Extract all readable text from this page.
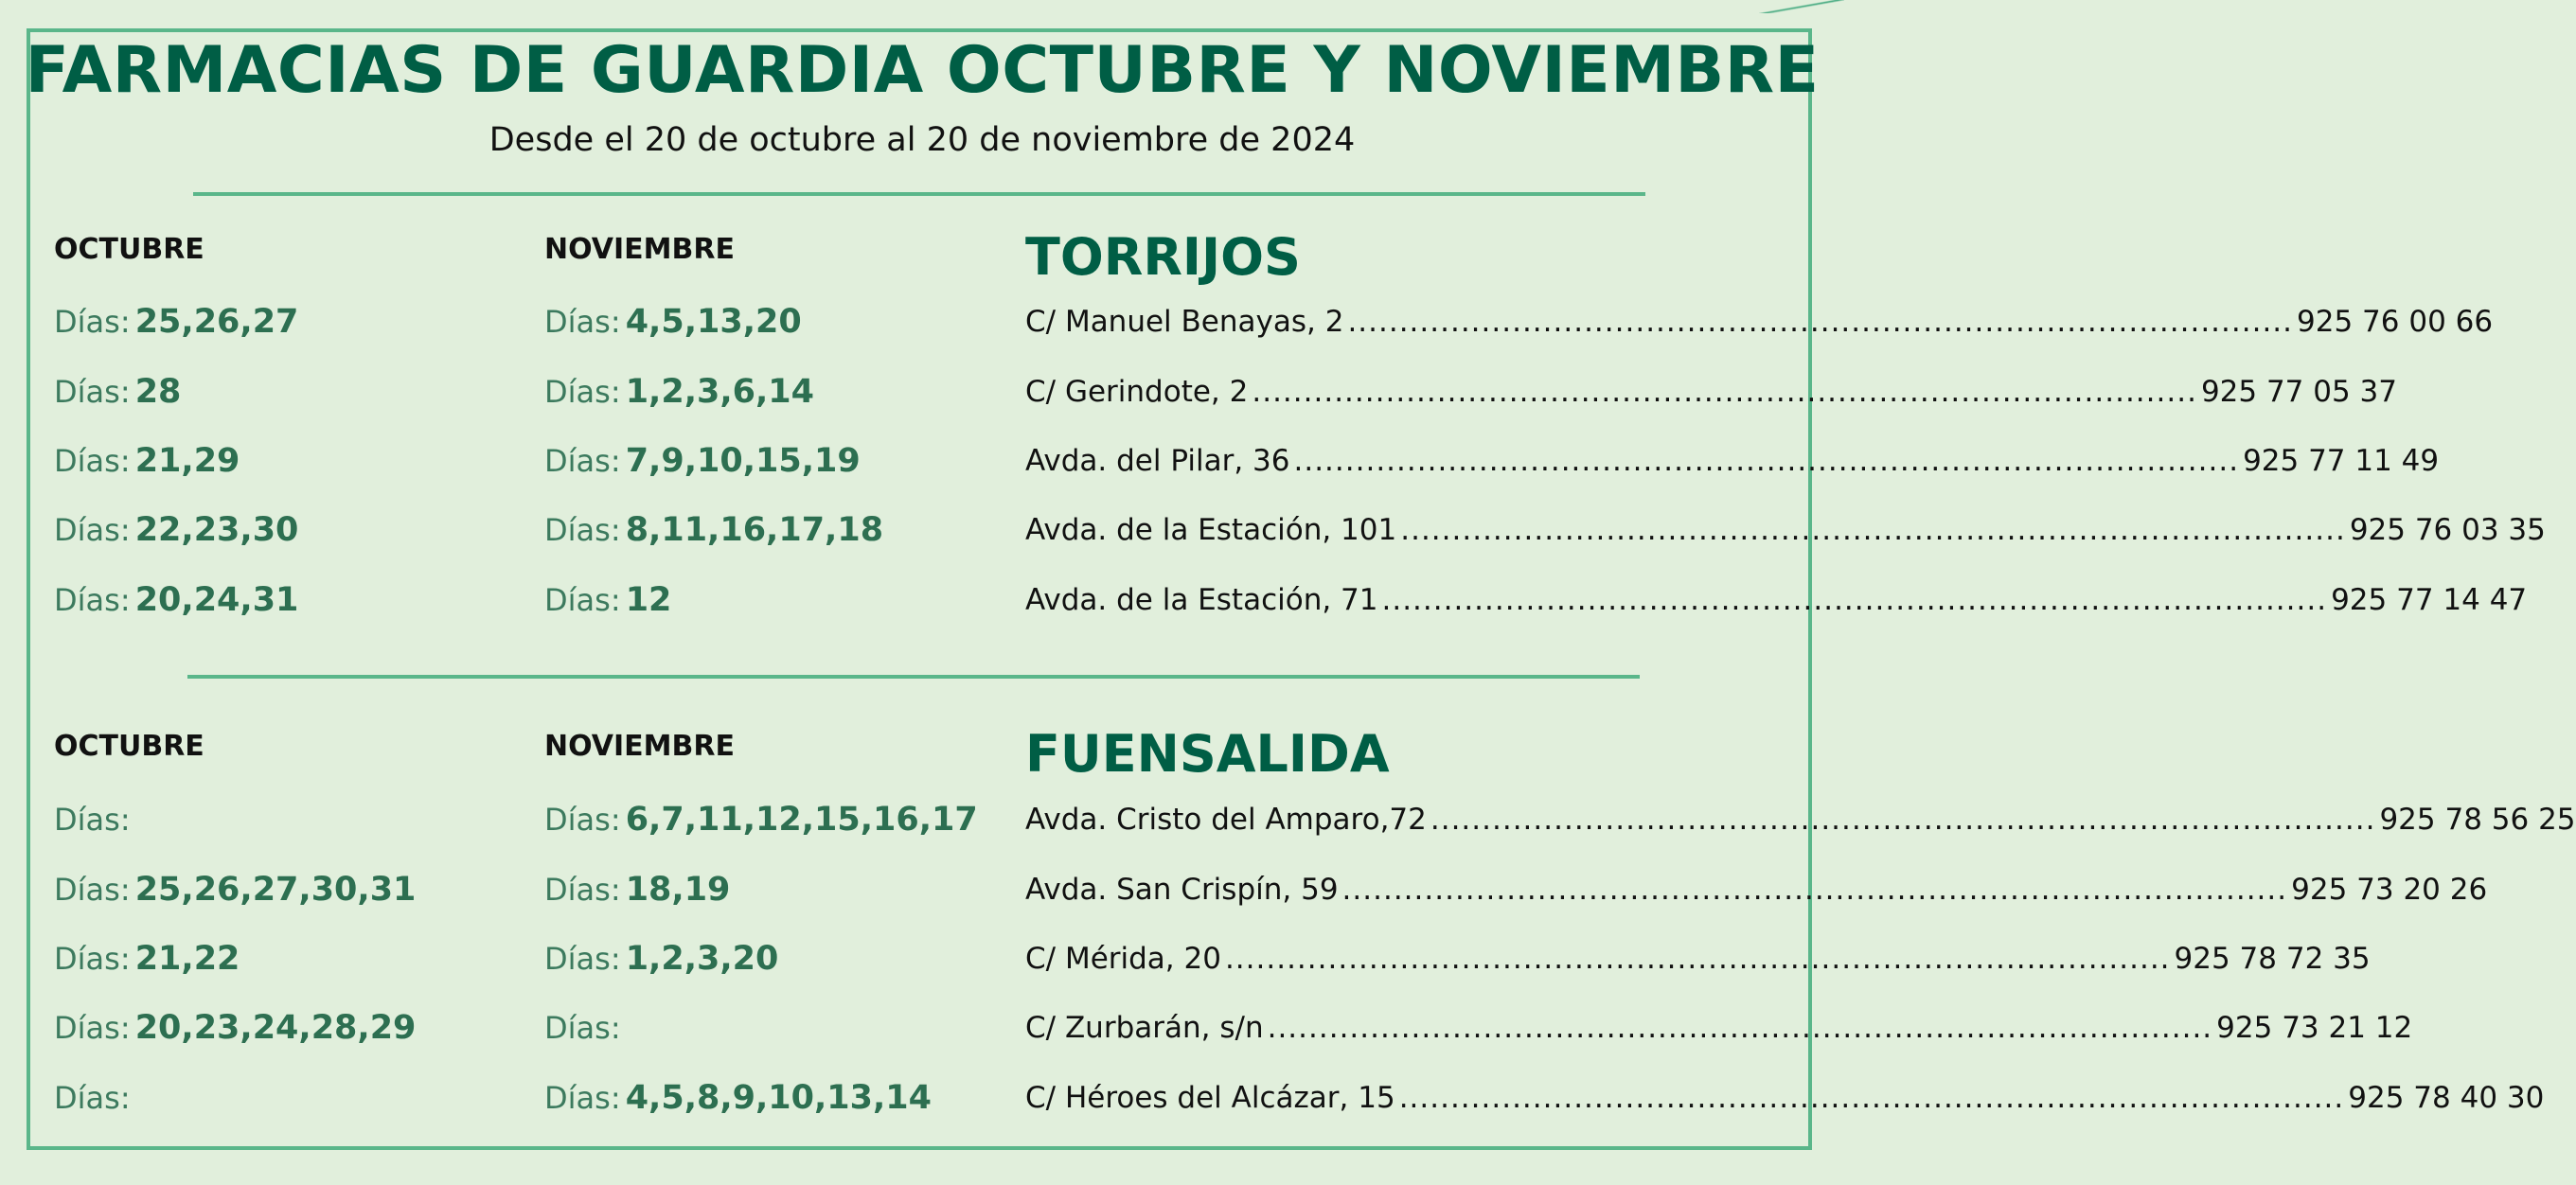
FARMACIAS DE GUARDIA OCTUBRE Y NOVIEMBRE
Desde el 20 de octubre al 20 de noviembre de 2024
OCTUBRE	NOVIEMBRE	TORRIJOS
Días: 25,26,27	Días: 4,5,13,20	C/ Manuel Benayas, 2 ............................................................................................ 925 76 00 66
Días: 28	Días: 1,2,3,6,14	C/ Gerindote, 2 ............................................................................................ 925 77 05 37
Días: 21,29	Días: 7,9,10,15,19	Avda. del Pilar, 36 ............................................................................................ 925 77 11 49
Días: 22,23,30	Días: 8,11,16,17,18	Avda. de la Estación, 101 ............................................................................................ 925 76 03 35
Días: 20,24,31	Días: 12	Avda. de la Estación, 71 ............................................................................................ 925 77 14 47
OCTUBRE	NOVIEMBRE	FUENSALIDA
Días:	Días: 6,7,11,12,15,16,17 Avda. Cristo del Amparo,72 ............................................................................................ 925 78 56 25
Días: 25,26,27,30,31	Días: 18,19	Avda. San Crispín, 59 ............................................................................................ 925 73 20 26
Días: 21,22	Días: 1,2,3,20	C/ Mérida, 20 ............................................................................................ 925 78 72 35
Días: 20,23,24,28,29	Días:	C/ Zurbarán, s/n ............................................................................................ 925 73 21 12
Días:	Días: 4,5,8,9,10,13,14	C/ Héroes del Alcázar, 15 ............................................................................................ 925 78 40 30
